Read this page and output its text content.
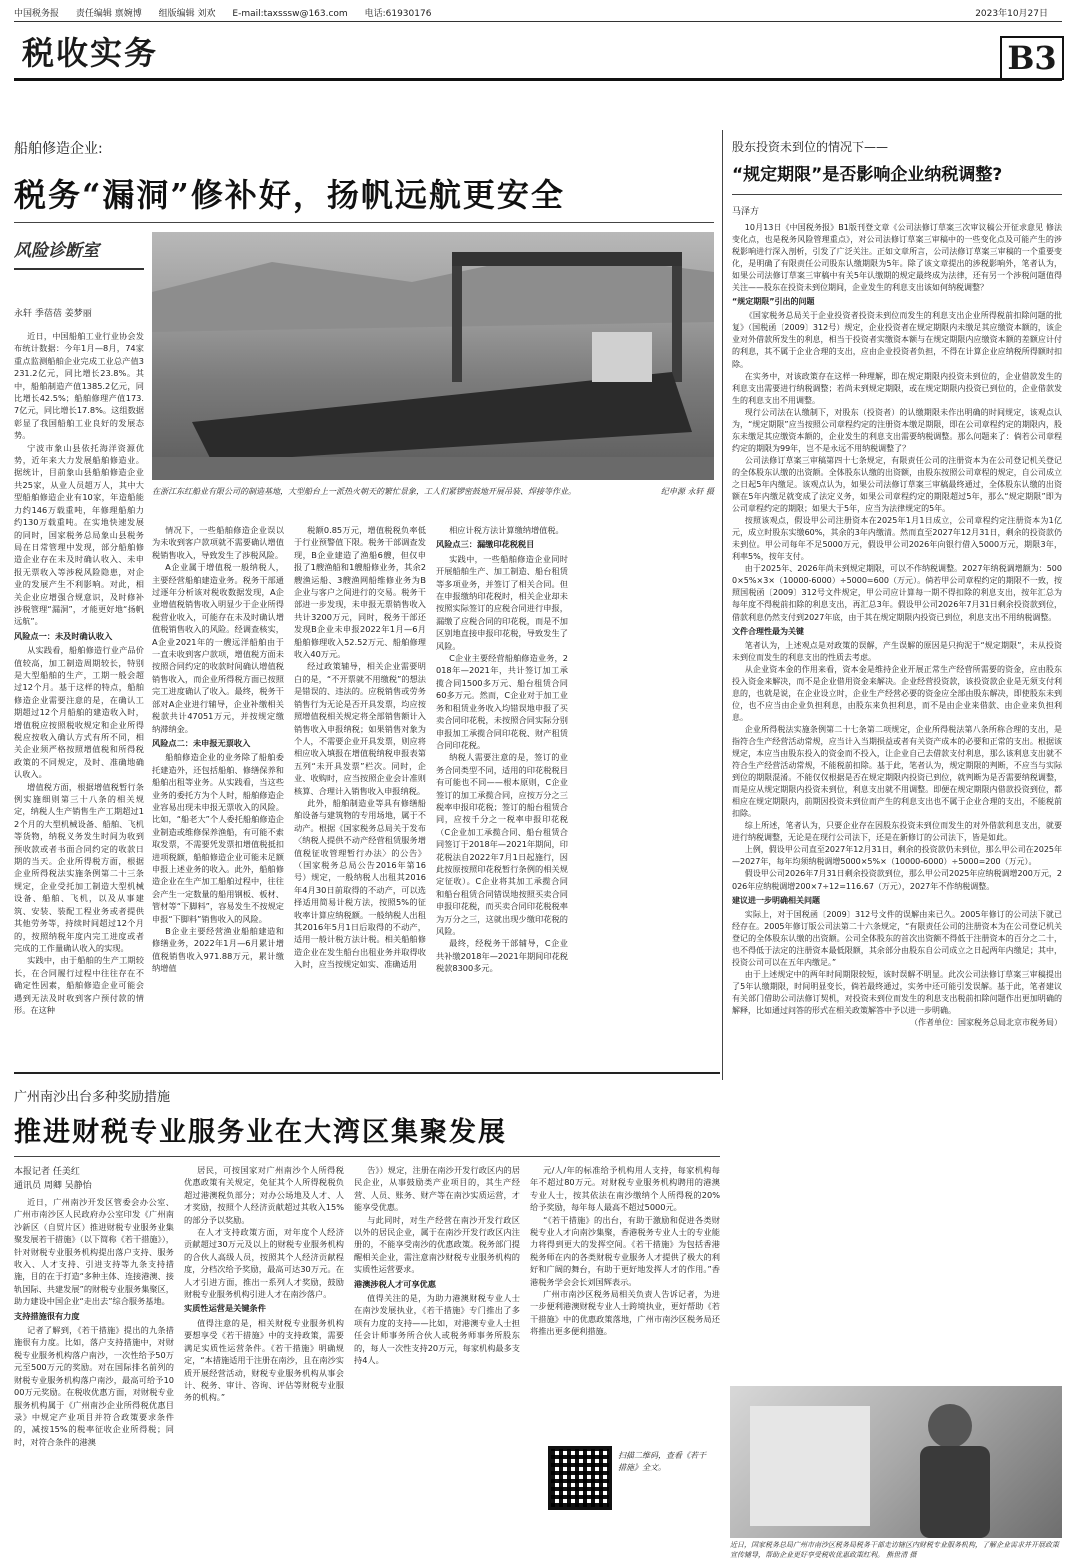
中国税务报 责任编辑 禀婉博 组版编辑 刘欢 E-mail:taxsssw@163.com 电话:61930176	2023年10月27日
税收实务	B3
船舶修造企业:
税务“漏洞”修补好，扬帆远航更安全
风险诊断室
永轩 季蓓蓓 姜梦丽

近日，中国船舶工业行业协会发布统计数据：今年1月—8月，74家重点监测船舶企业完成工业总产值3231.2亿元，同比增长23.8%。其中，船舶制造产值1385.2亿元，同比增长42.5%；船舶修理产值173.7亿元，同比增长17.8%。这组数据彰显了我国船舶工业良好的发展态势。

宁波市象山县依托海洋资源优势，近年来大力发展船舶修造业。据统计，目前象山县船舶修造企业共25家，从业人员超万人，其中大型船舶修造企业有10家，年造船能力约146万载重吨，年修理船舶力约130万载重吨。在实地快速发展的同时，国家税务总局象山县税务局在日常管理中发现，部分船舶修造企业存在未及时确认收入、未申报无票收入等涉税风险隐患，对企业的发展产生不利影响。对此，相关企业应增强合规意识，及时修补涉税管理“漏洞”，才能更好地“扬帆远航”。

风险点一：未及时确认收入

从实践看，船舶修造行业产品价值较高，加工制造周期较长，特别是大型船舶的生产，工期一般会超过12个月。基于这样的特点，船舶修造企业需要注意的是，在确认工期超过12个月船舶的建造收入时，增值税应按照税收规定和企业所得税应按收入确认方式有所不同，相关企业须严格按照增值税和所得税政策的不同规定，及时、准确地确认收入。

增值税方面，根据增值税暂行条例实施细则第三十八条的相关规定，纳税人生产销售生产工期超过12个月的大型机械设备、船舶、飞机等货物，纳税义务发生时间为收到预收款或者书面合同约定的收款日期的当天。企业所得税方面，根据企业所得税法实施条例第二十三条规定，企业受托加工制造大型机械设备、船舶、飞机，以及从事建筑、安装、装配工程业务或者提供其他劳务等，持续时间超过12个月的，按照纳税年度内完工进度或者完成的工作量确认收入的实现。

实践中，由于船舶的生产工期较长，在合同履行过程中往往存在不确定性因素，船舶修造企业可能会遇到无法及时收到客户预付款的情形。在这种

在浙江东红船业有限公司的制造基地，大型船台上一派热火朝天的繁忙景象，工人们紧锣密鼓地开展吊装、焊接等作业。	纪申源 永轩 摄

情况下，一些船舶修造企业误以为未收到客户款项就不需要确认增值税销售收入，导致发生了涉税风险。

A企业属于增值税一般纳税人，主要经营船舶建造业务。税务干部通过逐年分析该对税收数据发现，A企业增值税销售收入明显少于企业所得税营业收入，可能存在未及时确认增值税销售收入的风险。经调查核实，A企业2021年的一艘远洋船舶由于一直未收到客户款项，增值税方面未按照合同约定的收款时间确认增值税销售收入，而企业所得税方面已按照完工进度确认了收入。最终，税务干部对A企业进行辅导，企业补缴相关税款共计47051万元，并按规定缴纳滞纳金。

风险点二：未申报无票收入

船舶修造企业的业务除了船舶委托建造外，还包括船舶、修缮保养和船舶出租等业务。从实践看，当这些业务的委托方为个人时，船舶修造企业容易出现未申报无票收入的风险。比如，“船老大”个人委托船舶修造企业制造或维修保养渔船，有可能不索取发票，不需要凭发票扣增值税抵扣进项税额，船舶修造企业可能未足额申报上述业务的收入。此外，船舶修造企业在生产加工船舶过程中，往往会产生一定数量的船用钢板、板材、管材等“下脚料”，容易发生不按规定申报“下脚料”销售收入的风险。

B企业主要经营渔业船舶建造和修缮业务，2022年1月—6月累计增值税销售收入971.88万元，累计缴纳增值

税额0.85万元，增值税税负率低于行业预警值下限。税务干部调查发现，B企业建造了渔船6艘，但仅申报了1艘渔船和1艘船修业务，其余2艘渔运船、3艘渔网船维修业务为B企业与客户之间进行的交易。税务干部进一步发现，未申报无票销售收入共计3200万元，同时，税务干部还发现B企业未申报2022年1月—6月船舶修理收入52.52万元、船舶修理收入40万元。

经过政策辅导，相关企业需要明白的是，“不开票就不用缴税”的想法是错误的、违法的。应税销售或劳务销售行为无论是否开具发票，均应按照增值税相关规定将全部销售额计入销售收入申报纳税；如果销售对象为个人，不需要企业开具发票，则应将相应收入填报在增值税纳税申报表第五列“未开具发票”栏次。同时，企业、收购时，应当按照企业会计准则核算、合理计入销售收入申报纳税。

此外，船舶制造业等具有修缮船舶设备与建筑物的专用场地，属于不动产。根据《国家税务总局关于发布〈纳税人提供不动产经营租赁服务增值税征收管理暂行办法〉的公告》（国家税务总局公告2016年第16号）规定，一般纳税人出租其2016年4月30日前取得的不动产，可以选择适用简易计税方法，按照5%的征收率计算应纳税额。一般纳税人出租其2016年5月1日后取得的不动产，适用一般计税方法计税。相关船舶修造企业在发生船台出租业务并取得收入时，应当按规定如实、准确适用

相应计税方法计算缴纳增值税。

风险点三：漏缴印花税税目

实践中，一些船舶修造企业同时开展船舶生产、加工制造、船台租赁等多项业务，并签订了相关合同。但在申报缴纳印花税时，相关企业却未按照实际签订的应税合同进行申报，漏缴了应税合同的印花税，而是不加区别地直接申报印花税，导致发生了风险。

C企业主要经营船舶修造业务，2018年—2021年，共计签订加工承揽合同1500多万元、船台租赁合同60多万元。然而，C企业对于加工业务和租赁业务收入均错误地申报了买卖合同印花税，未按照合同实际分别申报加工承揽合同印花税、财产租赁合同印花税。

纳税人需要注意的是，签订的业务合同类型不同，适用的印花税税目有可能也不同——根本原则，C企业签订的加工承揽合同，应按万分之三税率申报印花税；签订的船台租赁合同，应按千分之一税率申报印花税（C企业加工承揽合同、船台租赁合同签订于2018年—2021年期间，印花税法自2022年7月1日起施行，因此按原按照印花税暂行条例的相关规定征收）。C企业将其加工承揽合同和船台租赁合同错误地按照买卖合同申报印花税，而买卖合同印花税税率为万分之三，这就出现少缴印花税的风险。

最终，经税务干部辅导，C企业共补缴2018年—2021年期间印花税税款8300多元。

股东投资未到位的情况下——
“规定期限”是否影响企业纳税调整?
马泽方

10月13日《中国税务报》B1版刊登文章《公司法修订草案三次审议稿公开征求意见 修法变化点，也是税务风险管理重点》，对公司法修订草案三审稿中的一些变化点及可能产生的涉税影响进行深入剖析，引发了广泛关注。正如文章所言，公司法修订草案三审稿的一个重要变化，是明确了有限责任公司股东认缴期限为5年。除了该文章提出的涉税影响外，笔者认为，如果公司法修订草案三审稿中有关5年认缴期的规定最终成为法律，还有另一个涉税问题值得关注——股东在投资未到位期间，企业发生的利息支出该如何纳税调整？

“规定期限”引出的问题

《国家税务总局关于企业投资者投资未到位而发生的利息支出企业所得税前扣除问题的批复》（国税函〔2009〕312号）规定，企业投资者在规定期限内未缴足其应缴资本额的，该企业对外借款所发生的利息，相当于投资者实缴资本额与在规定期限内应缴资本额的差额应计付的利息，其不属于企业合理的支出，应由企业投资者负担，不得在计算企业应纳税所得额时扣除。

在实务中，对该政策存在这样一种理解，即在规定期限内投资未到位的，企业借款发生的利息支出需要进行纳税调整；若尚未到规定期限，或在规定期限内投资已到位的，企业借款发生的利息支出不用调整。

现行公司法在认缴制下，对股东（投资者）的认缴期限未作出明确的时间规定，该观点认为，“规定期限”应当按照公司章程约定的注册资本缴足期限，即在公司章程约定的期限内，股东未缴足其应缴资本额的，企业发生的利息支出需要纳税调整。那么问题来了：倘若公司章程约定的期限为99年，岂不是永远不用纳税调整了？

公司法修订草案三审稿第四十七条规定，有限责任公司的注册资本为在公司登记机关登记的全体股东认缴的出资额。全体股东认缴的出资额，由股东按照公司章程的规定，自公司成立之日起5年内缴足。该观点认为，如果公司法修订草案三审稿最终通过，全体股东认缴的出资额在5年内缴足就变成了法定义务，如果公司章程约定的期限超过5年，那么“规定期限”即为公司章程约定的期限；如果大于5年，应当为法律规定的5年。

按照该观点，假设甲公司注册资本在2025年1月1日成立，公司章程约定注册资本为1亿元，成立时股东实缴60%，其余的3年内缴清。然而直至2027年12月31日，剩余的投资款仍未到位。甲公司每年不足5000万元，假设甲公司2026年向银行借入5000万元，期限3年，利率5%，按年支付。

由于2025年、2026年尚未到规定期限，可以不作纳税调整。2027年纳税调增额为：5000×5%×3×（10000-6000）÷5000=600（万元）。倘若甲公司章程约定的期限不一致，按照国税函〔2009〕312号文件规定，甲公司应计算每一期不得扣除的利息支出，按年汇总为每年度不得税前扣除的利息支出，再汇总3年。假设甲公司2026年7月31日剩余投资款到位，借款利息仍然支付到2027年底，由于其在规定期限内投资已到位，利息支出不用纳税调整。

文件合理性最为关键

笔者认为，上述观点是对政策的误解，产生误解的原因是只拘泥于“规定期限”，未从投资未到位而发生的利息支出的性质去考虑。

从企业资本金的作用来看，资本金是维持企业开展正常生产经营所需要的资金，应由股东投入资金来解决，而不是企业借用资金来解决。企业经营投资款，该投资款企业是无须支付利息的，也就是说，在企业设立时，企业生产经营必要的资金应全部由股东解决，即使股东未到位，也不应当由企业负担利息，由股东来负担利息，而不是由企业来借款、由企业来负担利息。

企业所得税法实施条例第二十七条第二项规定，企业所得税法第八条所称合理的支出，是指符合生产经营活动常规，应当计入当期损益或者有关资产成本的必要和正常的支出。根据该规定，本应当由股东投入的资金而不投入，让企业自己去借款支付利息，那么该利息支出就不符合生产经营活动常规，不能税前扣除。基于此，笔者认为，规定期限的判断，不应当与实际到位的期限混淆。不能仅仅根据是否在规定期限内投资已到位，就判断为是否需要纳税调整，而是应从规定期限内投资未到位，利息支出就不用调整。即便在规定期限内借款投资到位，都相应在规定期限内，前期因投资未到位而产生的利息支出也不属于企业合理的支出，不能税前扣除。

综上所述，笔者认为，只要企业存在因股东投资未到位而发生的对外借款利息支出，就要进行纳税调整，无论是在现行公司法下，还是在新修订的公司法下，皆是如此。

上例，假设甲公司直至2027年12月31日，剩余的投资款仍未到位，那么甲公司在2025年—2027年，每年均须纳税调增5000×5%×（10000-6000）÷5000=200（万元）。

假设甲公司2026年7月31日剩余投资款到位，那么甲公司2025年应纳税调增200万元，2026年应纳税调增200×7÷12=116.67（万元），2027年不作纳税调整。

建议进一步明确相关问题

实际上，对于国税函〔2009〕312号文件的误解由来已久。2005年修订的公司法下就已经存在。2005年修订版公司法第二十六条规定，“有限责任公司的注册资本为在公司登记机关登记的全体股东认缴的出资额。公司全体股东的首次出资额不得低于注册资本的百分之二十，也不得低于法定的注册资本最低限额，其余部分由股东自公司成立之日起两年内缴足；其中，投资公司可以在五年内缴足。”

由于上述规定中的两年时间期限较短，该时误解不明显。此次公司法修订草案三审稿提出了5年认缴期限，时间明显变长，倘若最终通过，实务中还可能引发误解。基于此，笔者建议有关部门借助公司法修订契机，对投资未到位而发生的利息支出税前扣除问题作出更加明确的解释，比如通过问答的形式在相关政策解答中予以进一步明确。

（作者单位：国家税务总局北京市税务局）

广州南沙出台多种奖励措施
推进财税专业服务业在大湾区集聚发展
本报记者 任美红
通讯员 周卿 吴静怡

近日，广州南沙开发区管委会办公室、广州市南沙区人民政府办公室印发《广州南沙新区（自贸片区）推进财税专业服务业集聚发展若干措施》（以下简称《若干措施》），针对财税专业服务机构提出落户支持、服务收入、人才支持、引进支持等九条支持措施，目的在于打造“多种主体、连接港澳、接轨国际、共建发展”的财税专业服务集聚区，助力建设中国企业“走出去”综合服务基地。

支持措施很有力度

记者了解到，《若干措施》提出的九条措施很有力度。比如，落户支持措施中，对财税专业服务机构落户南沙，一次性给予50万元至500万元的奖励。对在国际排名前列的财税专业服务机构落户南沙，最高可给予1000万元奖励。在税收优惠方面，对财税专业服务机构属于《广州南沙企业所得税优惠目录》中规定产业项目并符合政策要求条件的，减按15%的税率征收企业所得税；同时，对符合条件的港澳

居民，可按国家对广州南沙个人所得税优惠政策有关规定，免征其个人所得税税负超过港澳税负部分；对办公场地及人才、人才奖励，按照个人经济贡献超过其收入15%的部分予以奖励。

在人才支持政策方面，对年度个人经济贡献超过30万元及以上的财税专业服务机构的合伙人高级人员，按照其个人经济贡献程度，分档次给予奖励，最高可达30万元。在人才引进方面，推出一系列人才奖励，鼓励财税专业服务机构引进人才在南沙落户。

实质性运营是关键条件

值得注意的是，相关财税专业服务机构要想享受《若干措施》中的支持政策，需要满足实质性运营条件。《若干措施》明确规定，“本措施适用于注册在南沙，且在南沙实质开展经营活动，财税专业服务机构从事会计、税务、审计、咨询、评估等财税专业服务的机构。”

告》）规定，注册在南沙开发行政区内的居民企业，从事鼓励类产业项目的，其生产经营、人员、账务、财产等在南沙实质运营，才能享受优惠。

与此同时，对生产经营在南沙开发行政区以外的居民企业，属于在南沙开发行政区内注册的，不能享受南沙的优惠政策。税务部门提醒相关企业，需注意南沙财税专业服务机构的实质性运营要求。

港澳涉税人才可享优惠

值得关注的是，为助力港澳财税专业人士在南沙发展执业，《若干措施》专门推出了多项有力度的支持——比如，对港澳专业人士担任会计师事务所合伙人或税务师事务所股东的，每人一次性支持20万元，每家机构最多支持4人。

元/人/年的标准给予机构用人支持，每家机构每年不超过80万元。对财税专业服务机构聘用的港澳专业人士，按其依法在南沙缴纳个人所得税的20%给予奖励，每年每人最高不超过5000元。

“《若干措施》的出台，有助于激励和促进各类财税专业人才向南沙集聚，香港税务专业人士的专业能力将得到更大的发挥空间。《若干措施》为包括香港税务师在内的各类财税专业服务人才提供了极大的利好和广阔的舞台，有助于更好地发挥人才的作用。”香港税务学会会长刘国辉表示。

广州市南沙区税务局相关负责人告诉记者，为进一步便利港澳财税专业人士跨境执业，更好帮助《若干措施》中的优惠政策落地，广州市南沙区税务局还将推出更多便利措施。

扫描二维码，查看《若干措施》全文。
近日，国家税务总局广州市南沙区税务局税务干部走访辖区内财税专业服务机构，了解企业需求并开展政策宣传辅导，帮助企业更好享受税收优惠政策红利。 熊世清 摄
